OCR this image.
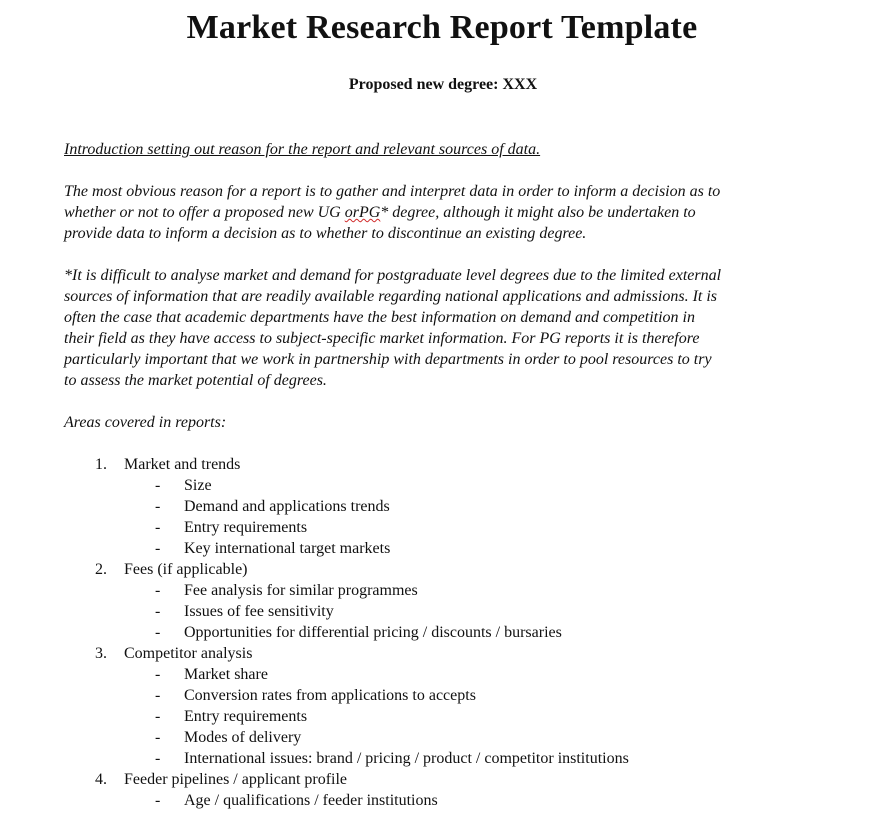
Market Research Report Template
Proposed new degree: XXX
Introduction setting out reason for the report and relevant sources of data.
The most obvious reason for a report is to gather and interpret data in order to inform a decision as to
whether or not to offer a proposed new UG orPG* degree, although it might also be undertaken to
provide data to inform a decision as to whether to discontinue an existing degree.
*It is difficult to analyse market and demand for postgraduate level degrees due to the limited external
sources of information that are readily available regarding national applications and admissions. It is
often the case that academic departments have the best information on demand and competition in
their field as they have access to subject-specific market information. For PG reports it is therefore
particularly important that we work in partnership with departments in order to pool resources to try
to assess the market potential of degrees.
Areas covered in reports:
1. Market and trends
- Size
- Demand and applications trends
- Entry requirements
- Key international target markets
2. Fees (if applicable)
- Fee analysis for similar programmes
- Issues of fee sensitivity
- Opportunities for differential pricing / discounts / bursaries
3. Competitor analysis
- Market share
- Conversion rates from applications to accepts
- Entry requirements
- Modes of delivery
- International issues: brand / pricing / product / competitor institutions
4. Feeder pipelines / applicant profile
- Age / qualifications / feeder institutions
